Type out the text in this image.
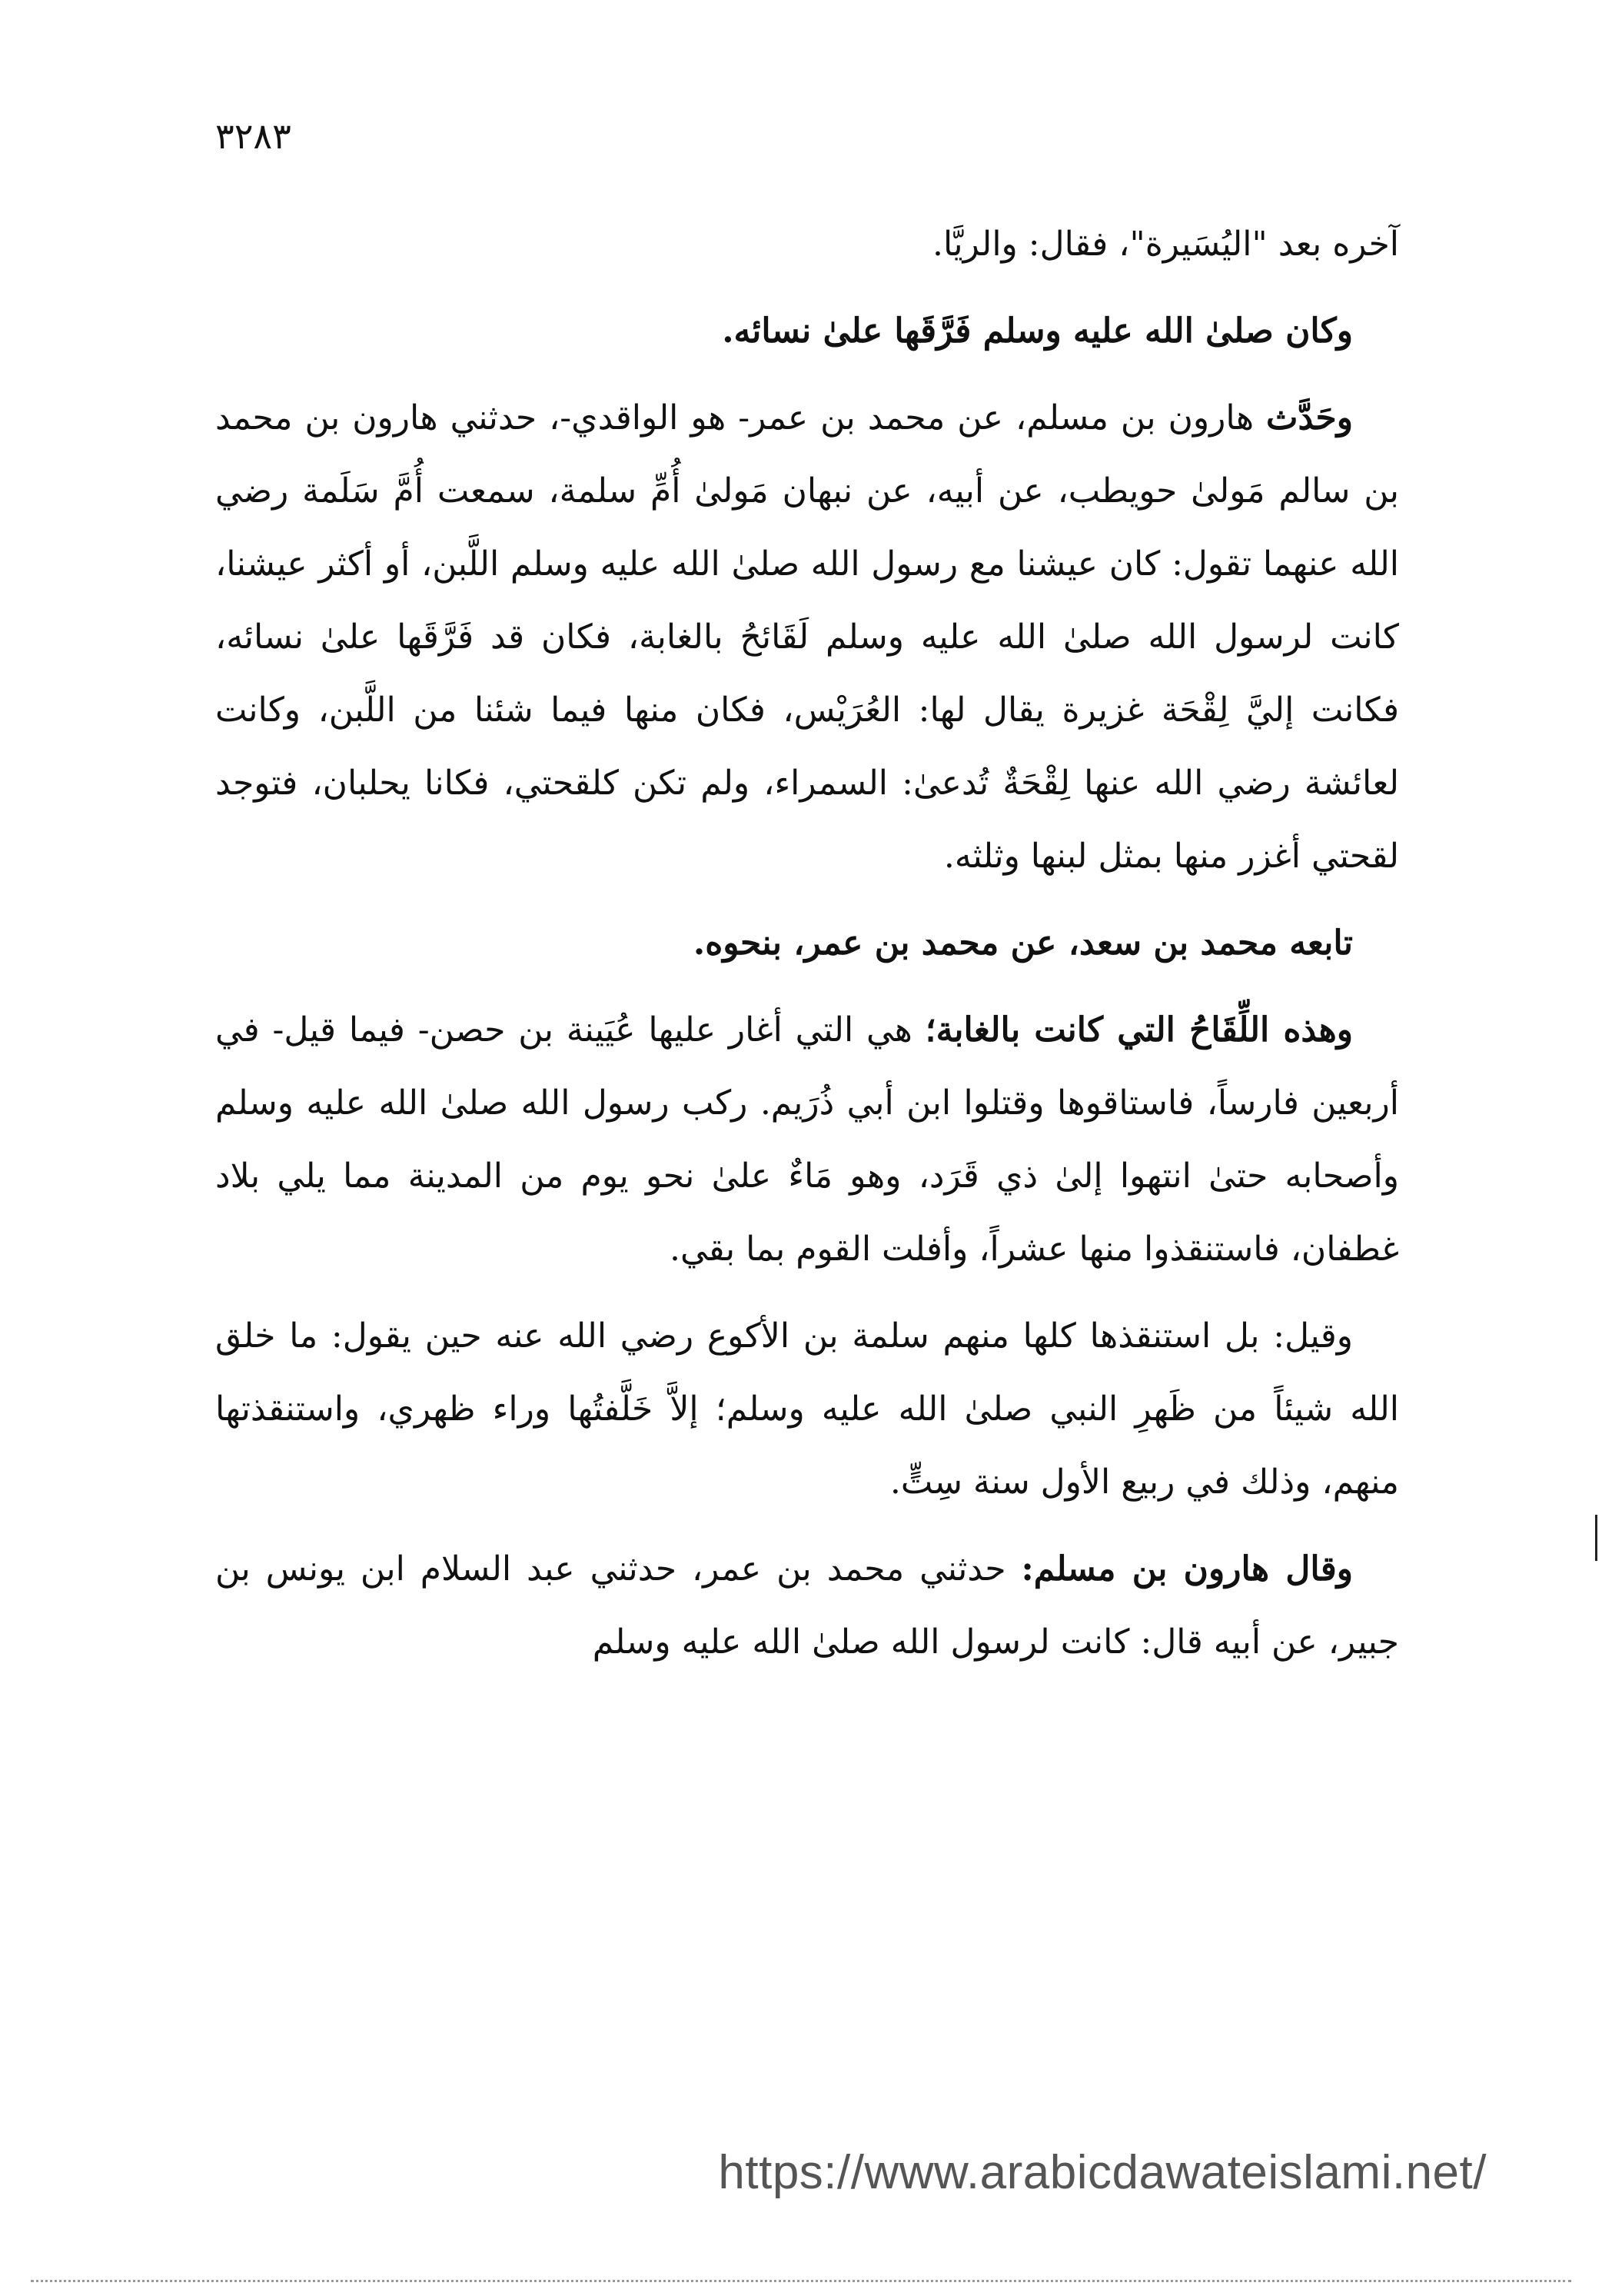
٣٢٨٣

آخره بعد "اليُسَيرة"، فقال: والريَّا.

وكان صلىٰ الله عليه وسلم فَرَّقَها علىٰ نسائه.

وحَدَّث هارون بن مسلم، عن محمد بن عمر- هو الواقدي-، حدثني هارون بن محمد بن سالم مَولىٰ حويطب، عن أبيه، عن نبهان مَولىٰ أُمِّ سلمة، سمعت أُمَّ سَلَمة رضي الله عنهما تقول: كان عيشنا مع رسول الله صلىٰ الله عليه وسلم اللَّبن، أو أكثر عيشنا، كانت لرسول الله صلىٰ الله عليه وسلم لَقَائحُ بالغابة، فكان قد فَرَّقَها علىٰ نسائه، فكانت إليَّ لِقْحَة غزيرة يقال لها: العُرَيْس، فكان منها فيما شئنا من اللَّبن، وكانت لعائشة رضي الله عنها لِقْحَةٌ تُدعىٰ: السمراء، ولم تكن كلقحتي، فكانا يحلبان، فتوجد لقحتي أغزر منها بمثل لبنها وثلثه.

تابعه محمد بن سعد، عن محمد بن عمر، بنحوه.

وهذه اللِّقَاحُ التي كانت بالغابة؛ هي التي أغار عليها عُيَينة بن حصن- فيما قيل- في أربعين فارساً، فاستاقوها وقتلوا ابن أبي ذُرَيم. ركب رسول الله صلىٰ الله عليه وسلم وأصحابه حتىٰ انتهوا إلىٰ ذي قَرَد، وهو مَاءٌ علىٰ نحو يوم من المدينة مما يلي بلاد غطفان، فاستنقذوا منها عشراً، وأفلت القوم بما بقي.

وقيل: بل استنقذها كلها منهم سلمة بن الأكوع رضي الله عنه حين يقول: ما خلق الله شيئاً من ظَهرِ النبي صلىٰ الله عليه وسلم؛ إلاَّ خَلَّفتُها وراء ظهري، واستنقذتها منهم، وذلك في ربيع الأول سنة سِتٍّ.

وقال هارون بن مسلم: حدثني محمد بن عمر، حدثني عبد السلام ابن يونس بن جبير، عن أبيه قال: كانت لرسول الله صلىٰ الله عليه وسلم

https://www.arabicdawateislami.net/
